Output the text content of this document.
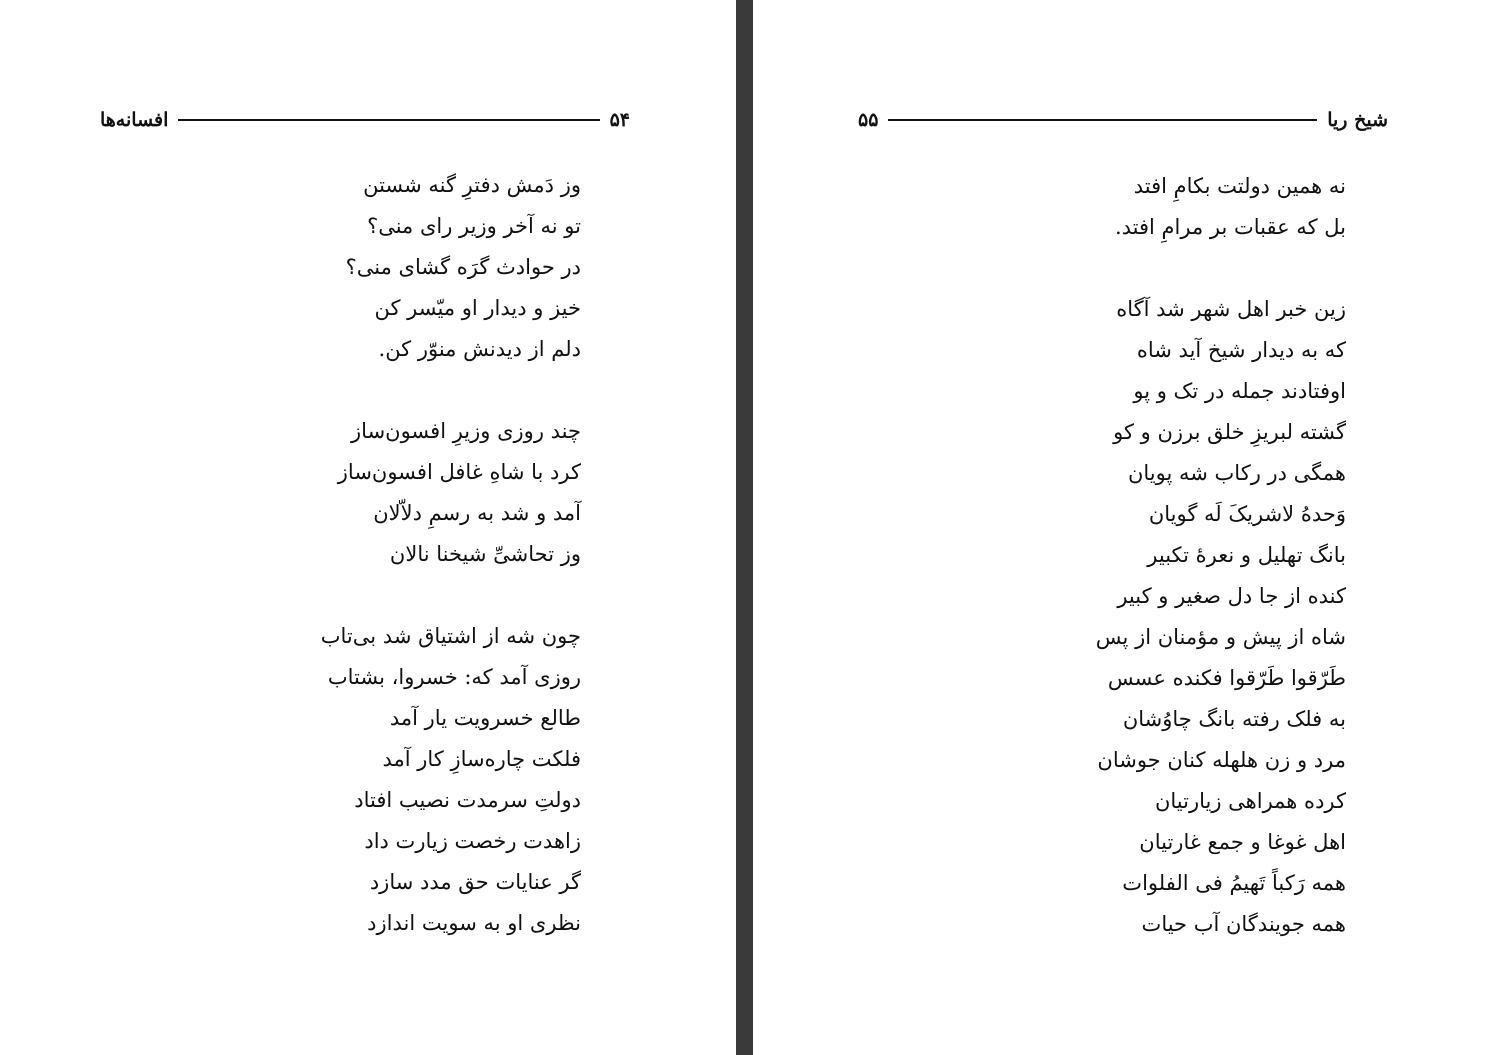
۵۴
افسانه‌ها
وز دَمش دفترِ گنه شستن
تو نه آخر وزیر رای منی؟
در حوادث گرَه گشای منی؟
خیز و دیدار او میّسر کن
دلم از دیدنش منوّر کن.
چند روزی وزیرِ افسون‌ساز
کرد با شاهِ غافل افسون‌ساز
آمد و شد به رسمِ دلاّلان
وز تحاشیِّ شیخنا نالان
چون شه از اشتیاق شد بی‌تاب
روزی آمد که: خسروا، بشتاب
طالع خسرویت یار آمد
فلکت چاره‌سازِ کار آمد
دولتِ سرمدت نصیب افتاد
زاهدت رخصت زیارت داد
گر عنایات حق مدد سازد
نظری او به سویت اندازد
شیخ ریا
۵۵
نه همین دولتت بکامِ افتد
بل که عقبات بر مرامِ افتد.
زین خبر اهل شهر شد آگاه
که به دیدار شیخ آید شاه
اوفتادند جمله در تک و پو
گشته لبریزِ خلق برزن و کو
همگی در رکاب شه پویان
وَحدهُ لاشریکَ لَه گویان
بانگ تهلیل و نعرهٔ تکبیر
کنده از جا دل صغیر و کبیر
شاه از پیش و مؤمنان از پس
طَرّقوا طَرّقوا فکنده عسس
به فلک رفته بانگ چاوُشان
مرد و زن هلهله کنان جوشان
کرده همراهی زیارتیان
اهل غوغا و جمع غارتیان
همه رَکباً تَهیمُ فی الفلوات
همه جویندگان آب حیات
